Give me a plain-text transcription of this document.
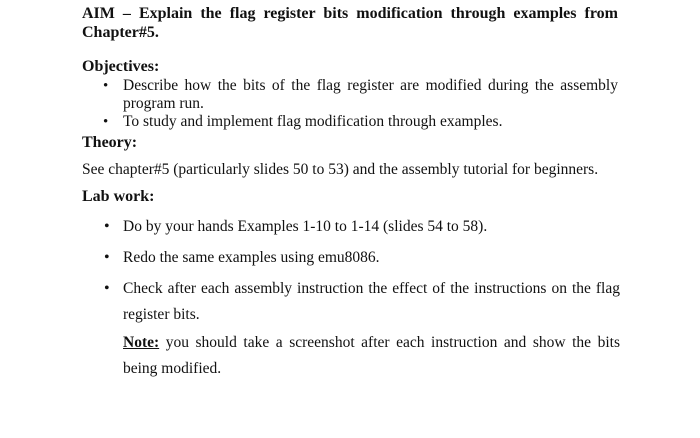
AIM – Explain the flag register bits modification through examples from Chapter#5.
Objectives:
• Describe how the bits of the flag register are modified during the assembly program run.
• To study and implement flag modification through examples.
Theory:
See chapter#5 (particularly slides 50 to 53) and the assembly tutorial for beginners.
Lab work:
• Do by your hands Examples 1-10 to 1-14 (slides 54 to 58).
• Redo the same examples using emu8086.
• Check after each assembly instruction the effect of the instructions on the flag register bits.
Note: you should take a screenshot after each instruction and show the bits being modified.
